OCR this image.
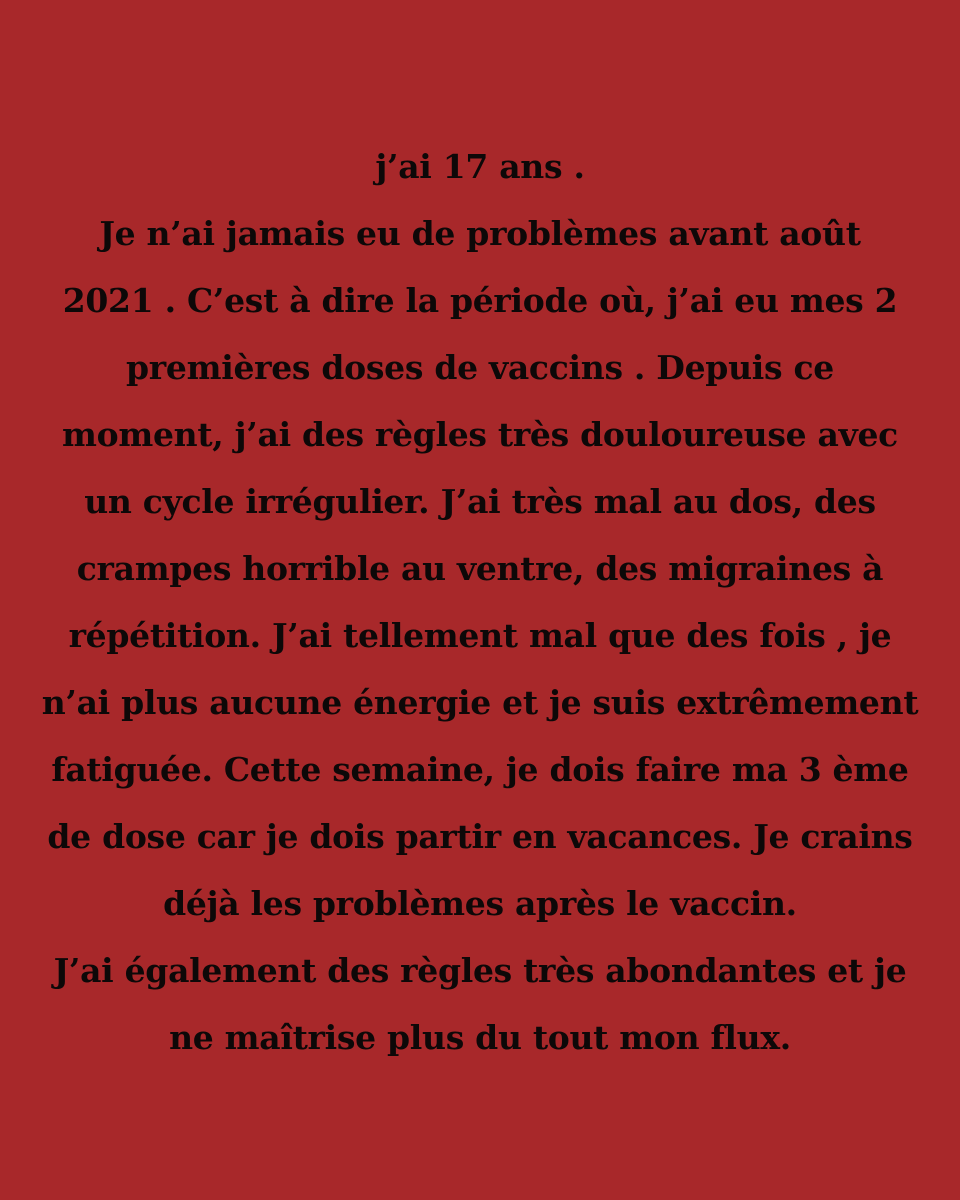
j’ai 17 ans .
Je n’ai jamais eu de problèmes avant août
2021 . C’est à dire la période où, j’ai eu mes 2
premières doses de vaccins . Depuis ce
moment, j’ai des règles très douloureuse avec
un cycle irrégulier. J’ai très mal au dos, des
crampes horrible au ventre, des migraines à
répétition. J’ai tellement mal que des fois , je
n’ai plus aucune énergie et je suis extrêmement
fatiguée. Cette semaine, je dois faire ma 3 ème
de dose car je dois partir en vacances. Je crains
déjà les problèmes après le vaccin.
J’ai également des règles très abondantes et je
ne maîtrise plus du tout mon flux.
